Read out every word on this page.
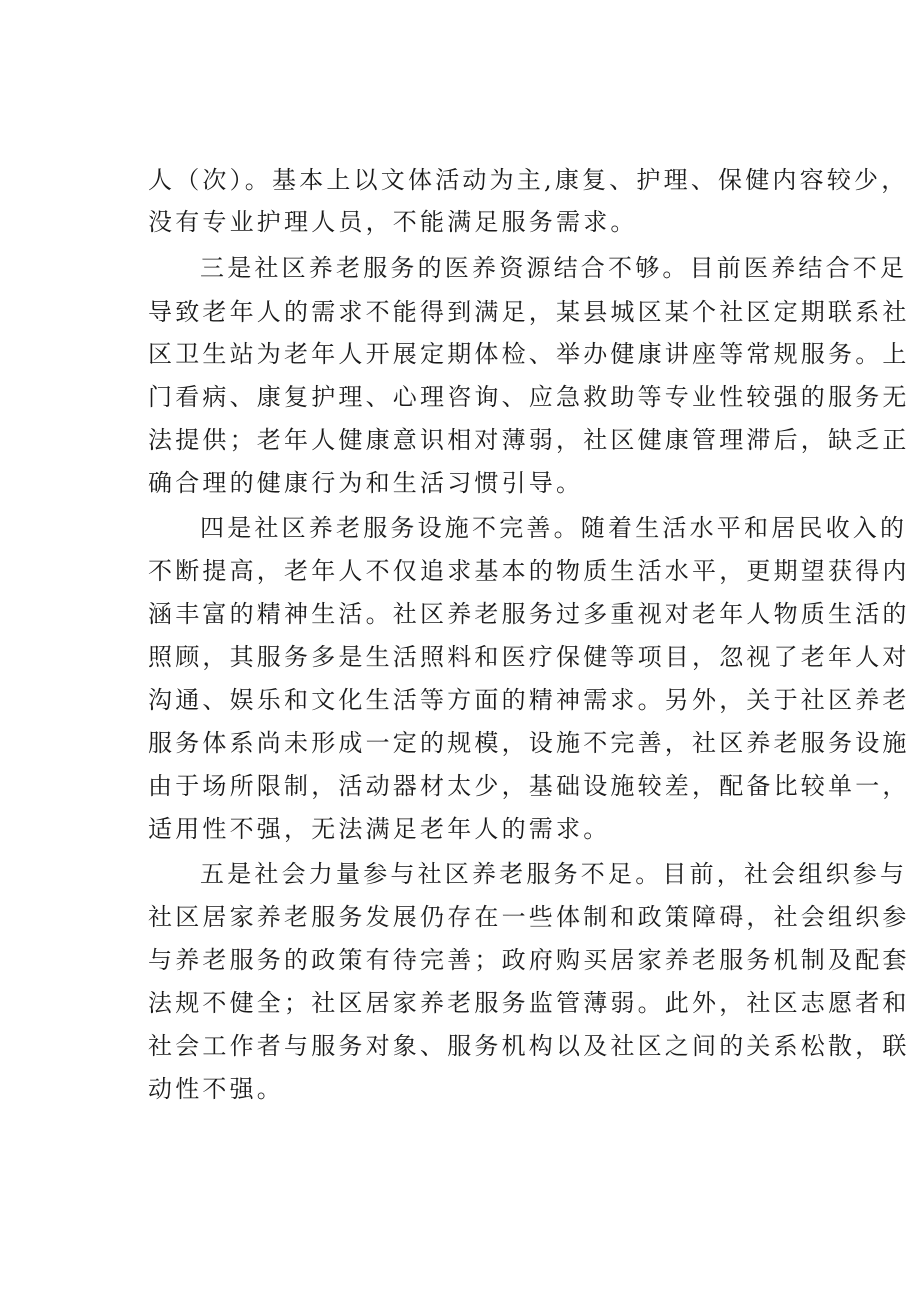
人（次）。基本上以文体活动为主,康复、护理、保健内容较少，

没有专业护理人员，不能满足服务需求。

三是社区养老服务的医养资源结合不够。目前医养结合不足

导致老年人的需求不能得到满足，某县城区某个社区定期联系社

区卫生站为老年人开展定期体检、举办健康讲座等常规服务。上

门看病、康复护理、心理咨询、应急救助等专业性较强的服务无

法提供；老年人健康意识相对薄弱，社区健康管理滞后，缺乏正

确合理的健康行为和生活习惯引导。

四是社区养老服务设施不完善。随着生活水平和居民收入的

不断提高，老年人不仅追求基本的物质生活水平，更期望获得内

涵丰富的精神生活。社区养老服务过多重视对老年人物质生活的

照顾，其服务多是生活照料和医疗保健等项目，忽视了老年人对

沟通、娱乐和文化生活等方面的精神需求。另外，关于社区养老

服务体系尚未形成一定的规模，设施不完善，社区养老服务设施

由于场所限制，活动器材太少，基础设施较差，配备比较单一，

适用性不强，无法满足老年人的需求。

五是社会力量参与社区养老服务不足。目前，社会组织参与

社区居家养老服务发展仍存在一些体制和政策障碍，社会组织参

与养老服务的政策有待完善；政府购买居家养老服务机制及配套

法规不健全；社区居家养老服务监管薄弱。此外，社区志愿者和

社会工作者与服务对象、服务机构以及社区之间的关系松散，联

动性不强。
